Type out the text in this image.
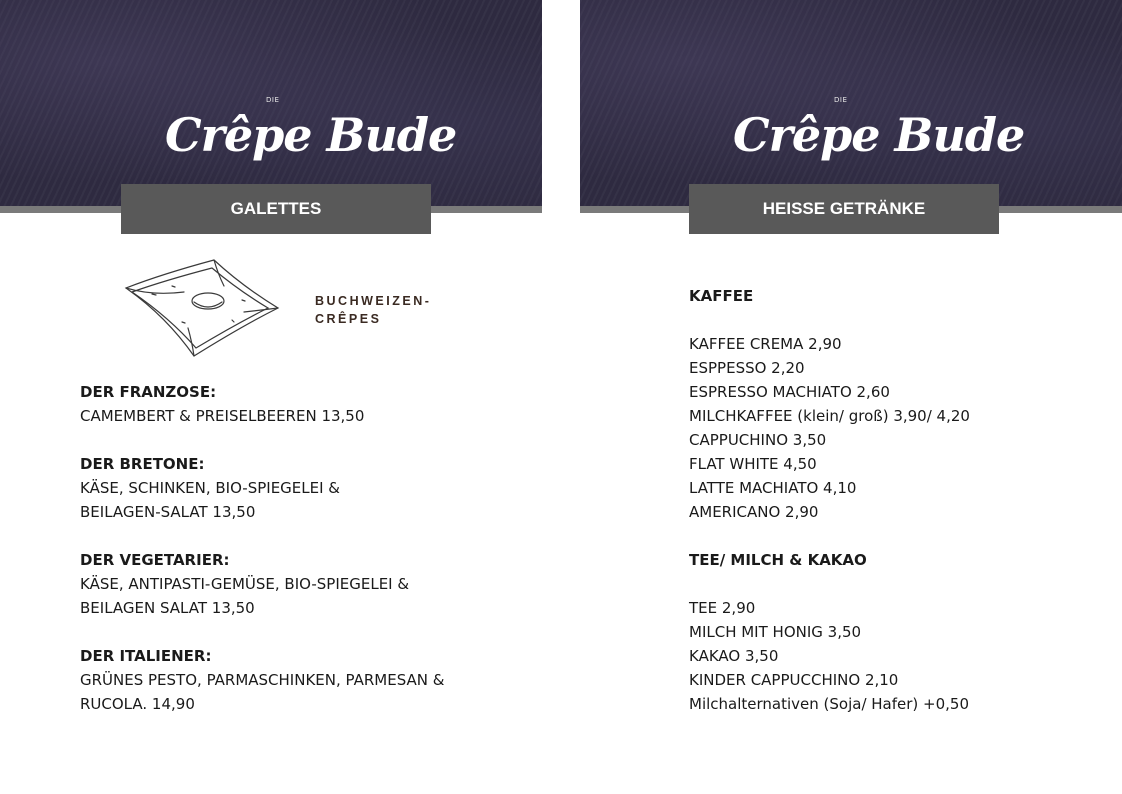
DIE
Crêpe Bude
GALETTES
BUCHWEIZEN-
CRÊPES
DER FRANZOSE:
CAMEMBERT & PREISELBEEREN 13,50
DER BRETONE:
KÄSE, SCHINKEN, BIO-SPIEGELEI &
BEILAGEN-SALAT 13,50
DER VEGETARIER:
KÄSE, ANTIPASTI-GEMÜSE, BIO-SPIEGELEI &
BEILAGEN SALAT 13,50
DER ITALIENER:
GRÜNES PESTO, PARMASCHINKEN, PARMESAN &
RUCOLA. 14,90
DIE
Crêpe Bude
HEISSE GETRÄNKE
KAFFEE
KAFFEE CREMA 2,90
ESPPESSO 2,20
ESPRESSO MACHIATO 2,60
MILCHKAFFEE (klein/ groß) 3,90/ 4,20
CAPPUCHINO 3,50
FLAT WHITE 4,50
LATTE MACHIATO 4,10
AMERICANO 2,90
TEE/ MILCH & KAKAO
TEE 2,90
MILCH MIT HONIG 3,50
KAKAO 3,50
KINDER CAPPUCCHINO 2,10
Milchalternativen (Soja/ Hafer) +0,50
